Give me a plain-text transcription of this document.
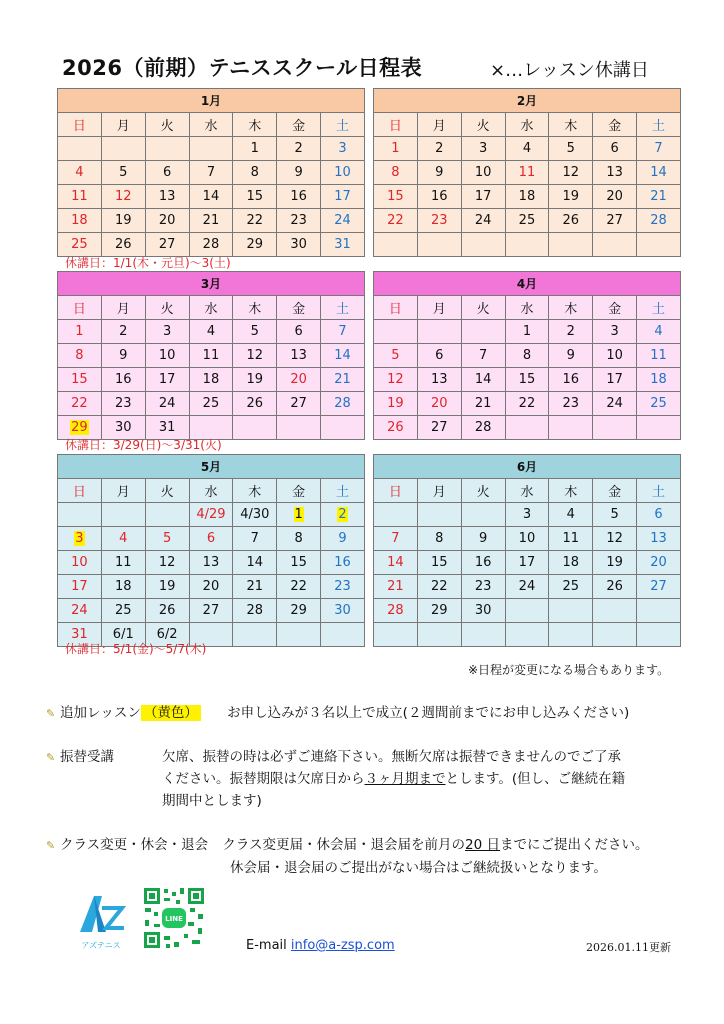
2026（前期）テニススクール日程表	×…レッスン休講日
1月						
日	月	火	水	木	金	土
				1	2	3
4	5	6	7	8	9	10
11	12	13	14	15	16	17
18	19	20	21	22	23	24
25	26	27	28	29	30	31
2月						
日	月	火	水	木	金	土
1	2	3	4	5	6	7
8	9	10	11	12	13	14
15	16	17	18	19	20	21
22	23	24	25	26	27	28

休講日：1/1(木・元旦)～3(土)
3月						
日	月	火	水	木	金	土
1	2	3	4	5	6	7
8	9	10	11	12	13	14
15	16	17	18	19	20	21
22	23	24	25	26	27	28
29	30	31				
4月						
日	月	火	水	木	金	土
			1	2	3	4
5	6	7	8	9	10	11
12	13	14	15	16	17	18
19	20	21	22	23	24	25
26	27	28				
休講日：3/29(日)～3/31(火)
5月						
日	月	火	水	木	金	土
			4/29	4/30	1	2
3	4	5	6	7	8	9
10	11	12	13	14	15	16
17	18	19	20	21	22	23
24	25	26	27	28	29	30
31	6/1	6/2				
6月						
日	月	火	水	木	金	土
			3	4	5	6
7	8	9	10	11	12	13
14	15	16	17	18	19	20
21	22	23	24	25	26	27
28	29	30				

休講日：5/1(金)～5/7(木)
※日程が変更になる場合もあります。
✎ 追加レッスン （黄色） お申し込みが３名以上で成立(２週間前までにお申し込みください)
✎ 振替受講	欠席、振替の時は必ずご連絡下さい。無断欠席は振替できませんのでご了承
ください。振替期限は欠席日から３ヶ月期までとします。(但し、ご継続在籍
期間中とします)
✎ クラス変更・休会・退会 クラス変更届・休会届・退会届を前月の20 日までにご提出ください。
休会届・退会届のご提出がない場合はご継続扱いとなります。
アズテニス
LINE
E-mail info@a-zsp.com	2026.01.11更新
